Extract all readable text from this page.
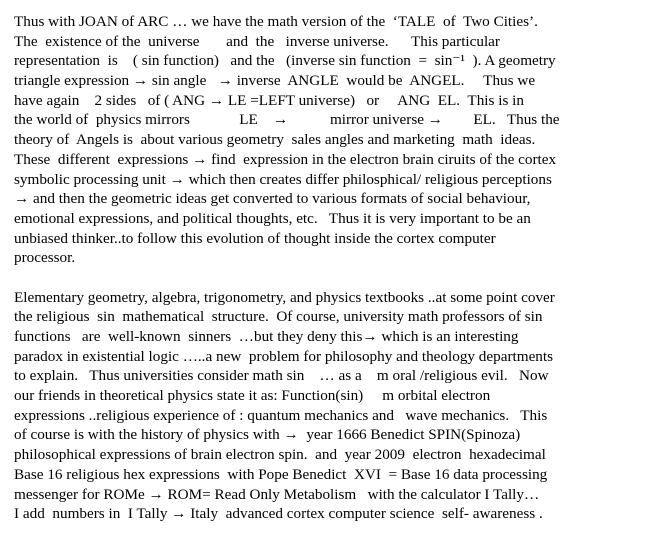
Thus with JOAN of ARC … we have the math version of the  ‘TALE  of  Two Cities’.
The  existence of the  universe       and  the   inverse universe.      This particular
representation  is    ( sin function)   and the   (inverse sin function  =  sin⁻¹  ). A geometry
triangle expression → sin angle   → inverse  ANGLE  would be  ANGEL.     Thus we
have again    2 sides   of ( ANG → LE =LEFT universe)   or     ANG  EL.  This is in
the world of  physics mirrors             LE    →           mirror universe →        EL.   Thus the
theory of  Angels is  about various geometry  sales angles and marketing  math  ideas.
These  different  expressions → find  expression in the electron brain ciruits of the cortex
symbolic processing unit → which then creates differ philosphical/ religious perceptions
→ and then the geometric ideas get converted to various formats of social behaviour,
emotional expressions, and political thoughts, etc.   Thus it is very important to be an
unbiased thinker..to follow this evolution of thought inside the cortex computer
processor.
Elementary geometry, algebra, trigonometry, and physics textbooks ..at some point cover
the religious  sin  mathematical  structure.  Of course, university math professors of sin
functions   are  well-known  sinners  …but they deny this→ which is an interesting
paradox in existential logic …..a new  problem for philosophy and theology departments
to explain.   Thus universities consider math sin    … as a    m oral /religious evil.   Now
our friends in theoretical physics state it as: Function(sin)     m orbital electron
expressions ..religious experience of : quantum mechanics and   wave mechanics.   This
of course is with the history of physics with →  year 1666 Benedict SPIN(Spinoza)
philosophical expressions of brain electron spin.  and  year 2009  electron  hexadecimal
Base 16 religious hex expressions  with Pope Benedict  XVI  = Base 16 data processing
messenger for ROMe → ROM= Read Only Metabolism   with the calculator I Tally…
I add  numbers in  I Tally → Italy  advanced cortex computer science  self- awareness .
